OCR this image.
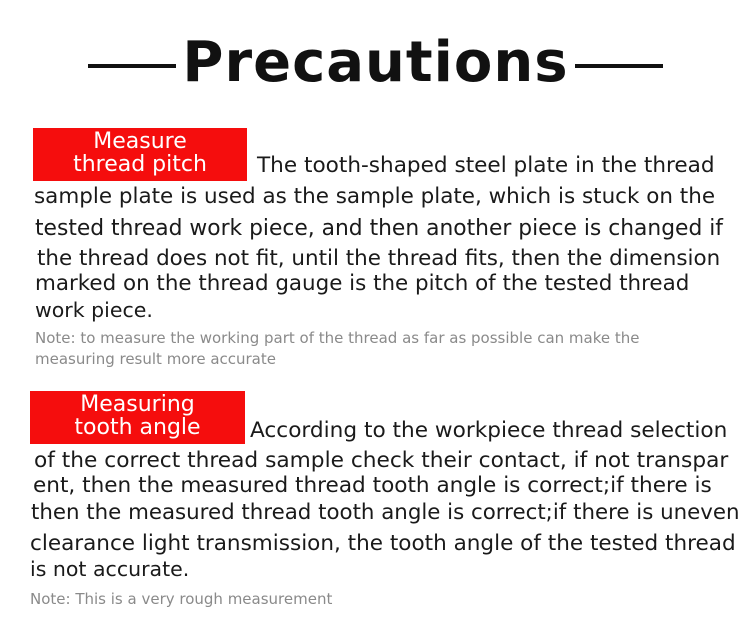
Precautions
Measure
thread pitch	The tooth-shaped steel plate in the thread
sample plate is used as the sample plate, which is stuck on the
tested thread work piece, and then another piece is changed if
the thread does not fit, until the thread fits, then the dimension
marked on the thread gauge is the pitch of the tested thread
work piece.
Note: to measure the working part of the thread as far as possible can make the
measuring result more accurate
Measuring
tooth angle	According to the workpiece thread selection
of the correct thread sample check their contact, if not transpar
ent, then the measured thread tooth angle is correct;if there is
then the measured thread tooth angle is correct;if there is uneven
clearance light transmission, the tooth angle of the tested thread
is not accurate.
Note: This is a very rough measurement
